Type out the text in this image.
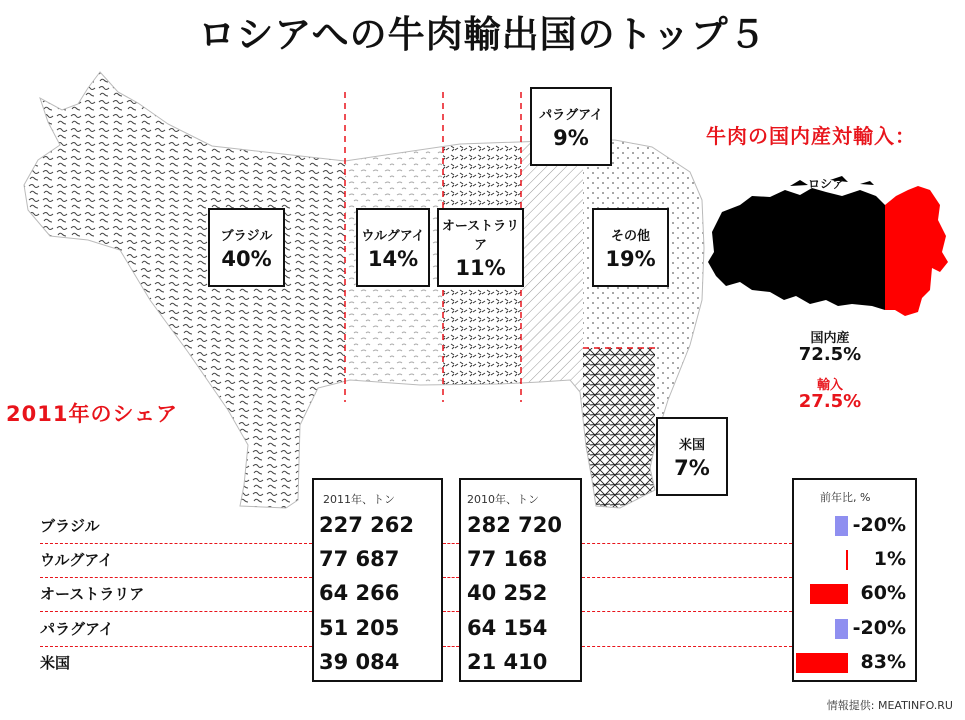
ロシアへの牛肉輸出国のトップ５
ブラジル
40%
ウルグアイ
14%
オーストラリア
11%
パラグアイ
9%
その他
19%
米国
7%
2011年のシェア
牛肉の国内産対輸入：
ロシア
国内産
72.5%
輸入
27.5%
2011年、トン	2010年、トン	前年比, %
ブラジル	227 262	282 720	-20%
ウルグアイ	77 687	77 168	1%
オーストラリア	64 266	40 252	60%
パラグアイ	51 205	64 154	-20%
米国	39 084	21 410	83%
情報提供: MEATINFO.RU
